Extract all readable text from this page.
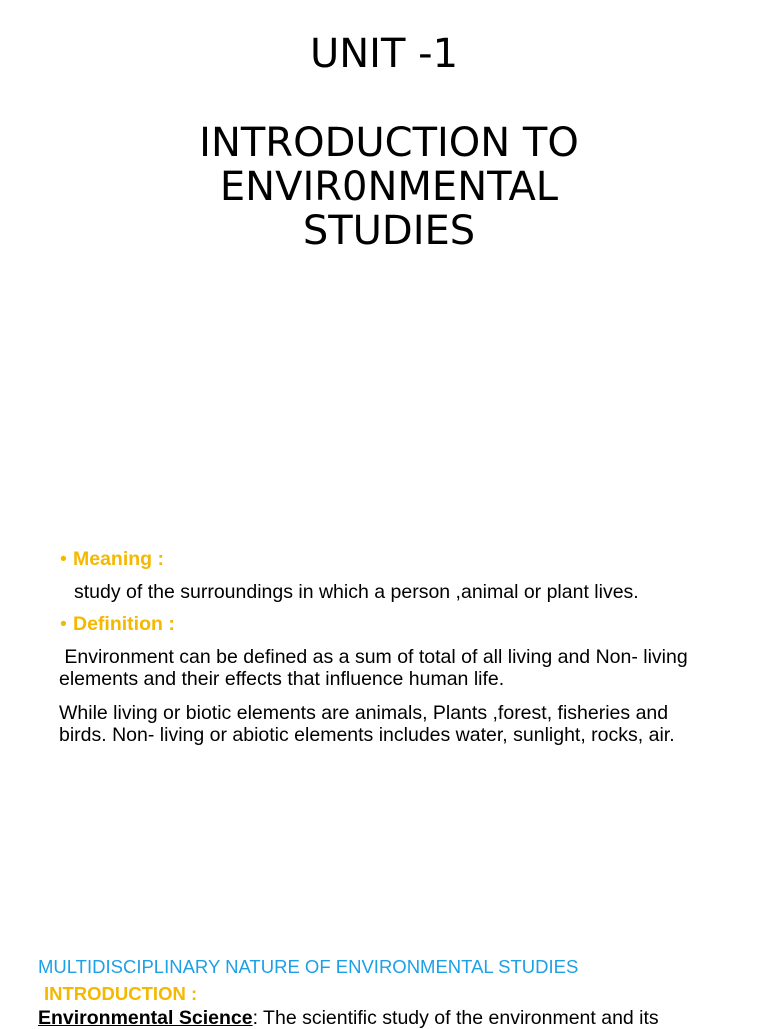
UNIT -1
INTRODUCTION TO
ENVIR0NMENTAL
STUDIES
• Meaning :
study of the surroundings in which a person ,animal or plant lives.
• Definition :
Environment can be defined as a sum of total of all living and Non- living elements and their effects that influence human life.
While living or biotic elements are animals, Plants ,forest, fisheries and birds. Non- living or abiotic elements includes water, sunlight, rocks, air.
MULTIDISCIPLINARY NATURE OF ENVIRONMENTAL STUDIES
INTRODUCTION :
Environmental Science: The scientific study of the environment and its
